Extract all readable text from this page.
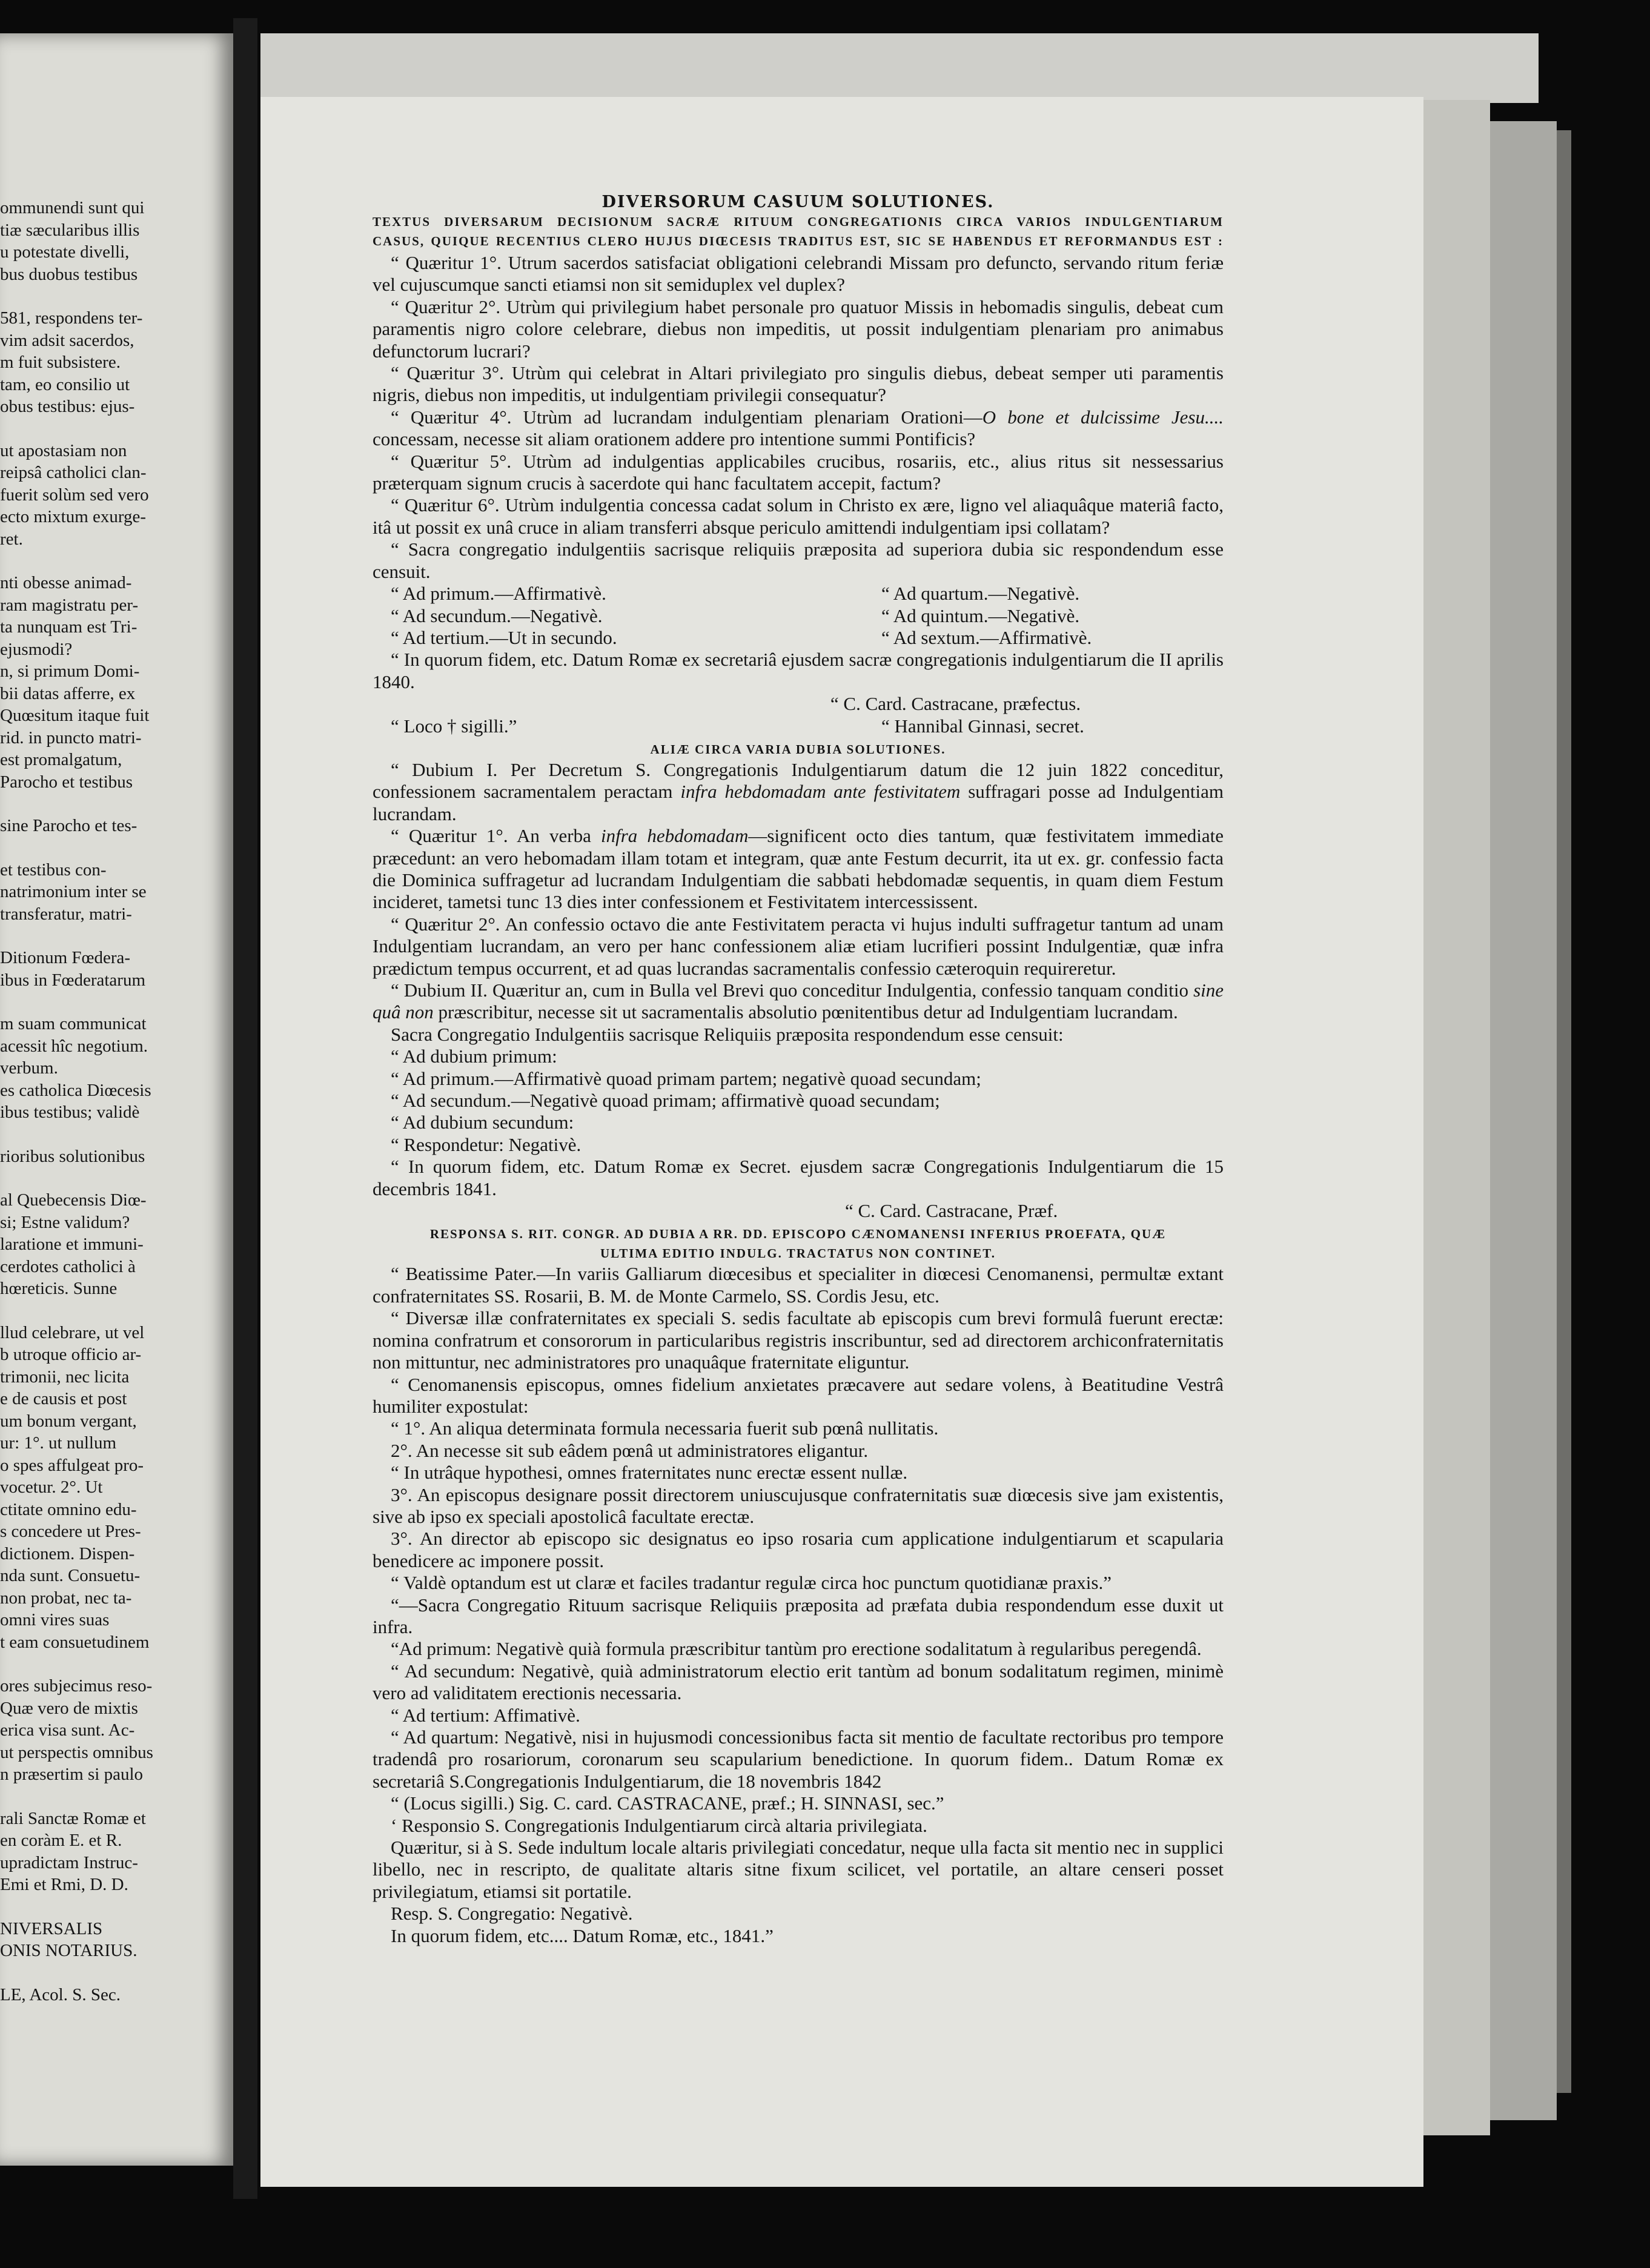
ommunendi sunt qui
tiæ sæcularibus illis
u potestate divelli,
bus duobus testibus
581, respondens ter-
vim adsit sacerdos,
m fuit subsistere.
tam, eo consilio ut
obus testibus: ejus-
ut apostasiam non
reipsâ catholici clan-
fuerit solùm sed vero
ecto mixtum exurge-
ret.
nti obesse animad-
ram magistratu per-
ta nunquam est Tri-
ejusmodi?
n, si primum Domi-
bii datas afferre, ex
Quœsitum itaque fuit
rid. in puncto matri-
est promalgatum,
Parocho et testibus
sine Parocho et tes-
et testibus con-
natrimonium inter se
transferatur, matri-
Ditionum Fœdera-
ibus in Fœderatarum
m suam communicat
acessit hîc negotium.
verbum.
es catholica Diœcesis
ibus testibus; validè
rioribus solutionibus
al Quebecensis Diœ-
si; Estne validum?
laratione et immuni-
cerdotes catholici à
hœreticis. Sunne
llud celebrare, ut vel
b utroque officio ar-
trimonii, nec licita
e de causis et post
um bonum vergant,
ur: 1°. ut nullum
o spes affulgeat pro-
vocetur. 2°. Ut
ctitate omnino edu-
s concedere ut Pres-
dictionem. Dispen-
nda sunt. Consuetu-
non probat, nec ta-
omni vires suas
t eam consuetudinem
ores subjecimus reso-
Quæ vero de mixtis
erica visa sunt. Ac-
ut perspectis omnibus
n præsertim si paulo
rali Sanctæ Romæ et
en coràm E. et R.
upradictam Instruc-
Emi et Rmi, D. D.
NIVERSALIS
ONIS NOTARIUS.
LE, Acol. S. Sec.
DIVERSORUM CASUUM SOLUTIONES.
TEXTUS DIVERSARUM DECISIONUM SACRÆ RITUUM CONGREGATIONIS CIRCA VARIOS INDULGENTIARUM
CASUS, QUIQUE RECENTIUS CLERO HUJUS DIŒCESIS TRADITUS EST, SIC SE HABENDUS ET REFORMANDUS EST :
“ Quæritur 1°. Utrum sacerdos satisfaciat obligationi celebrandi Missam pro defuncto, servando ritum feriæ vel cujuscumque sancti etiamsi non sit semiduplex vel duplex?
“ Quæritur 2°. Utrùm qui privilegium habet personale pro quatuor Missis in hebomadis singulis, debeat cum paramentis nigro colore celebrare, diebus non impeditis, ut possit indulgentiam plenariam pro animabus defunctorum lucrari?
“ Quæritur 3°. Utrùm qui celebrat in Altari privilegiato pro singulis diebus, debeat semper uti paramentis nigris, diebus non impeditis, ut indulgentiam privilegii consequatur?
“ Quæritur 4°. Utrùm ad lucrandam indulgentiam plenariam Orationi—O bone et dulcissime Jesu.... concessam, necesse sit aliam orationem addere pro intentione summi Pontificis?
“ Quæritur 5°. Utrùm ad indulgentias applicabiles crucibus, rosariis, etc., alius ritus sit nessessarius præterquam signum crucis à sacerdote qui hanc facultatem accepit, factum?
“ Quæritur 6°. Utrùm indulgentia concessa cadat solum in Christo ex ære, ligno vel aliaquâque materiâ facto, itâ ut possit ex unâ cruce in aliam transferri absque periculo amittendi indulgentiam ipsi collatam?
“ Sacra congregatio indulgentiis sacrisque reliquiis præposita ad superiora dubia sic respondendum esse censuit.
“ Ad primum.—Affirmativè.	“ Ad quartum.—Negativè.
“ Ad secundum.—Negativè.	“ Ad quintum.—Negativè.
“ Ad tertium.—Ut in secundo.	“ Ad sextum.—Affirmativè.
“ In quorum fidem, etc. Datum Romæ ex secretariâ ejusdem sacræ congregationis indulgentiarum die II aprilis 1840.
“ C. Card. Castracane, præfectus.
“ Loco † sigilli.”	“ Hannibal Ginnasi, secret.
ALIÆ CIRCA VARIA DUBIA SOLUTIONES.
“ Dubium I. Per Decretum S. Congregationis Indulgentiarum datum die 12 juin 1822 conceditur, confessionem sacramentalem peractam infra hebdomadam ante festivitatem suffragari posse ad Indulgentiam lucrandam.
“ Quæritur 1°. An verba infra hebdomadam—significent octo dies tantum, quæ festivitatem immediate præcedunt: an vero hebomadam illam totam et integram, quæ ante Festum decurrit, ita ut ex. gr. confessio facta die Dominica suffragetur ad lucrandam Indulgentiam die sabbati hebdomadæ sequentis, in quam diem Festum incideret, tametsi tunc 13 dies inter confessionem et Festivitatem intercessissent.
“ Quæritur 2°. An confessio octavo die ante Festivitatem peracta vi hujus indulti suffragetur tantum ad unam Indulgentiam lucrandam, an vero per hanc confessionem aliæ etiam lucrifieri possint Indulgentiæ, quæ infra prædictum tempus occurrent, et ad quas lucrandas sacramentalis confessio cæteroquin requireretur.
“ Dubium II. Quæritur an, cum in Bulla vel Brevi quo conceditur Indulgentia, confessio tanquam conditio sine quâ non præscribitur, necesse sit ut sacramentalis absolutio pœnitentibus detur ad Indulgentiam lucrandam.
Sacra Congregatio Indulgentiis sacrisque Reliquiis præposita respondendum esse censuit:
“ Ad dubium primum:
“ Ad primum.—Affirmativè quoad primam partem; negativè quoad secundam;
“ Ad secundum.—Negativè quoad primam; affirmativè quoad secundam;
“ Ad dubium secundum:
“ Respondetur: Negativè.
“ In quorum fidem, etc. Datum Romæ ex Secret. ejusdem sacræ Congregationis Indulgentiarum die 15 decembris 1841.
“ C. Card. Castracane, Præf.
RESPONSA S. RIT. CONGR. AD DUBIA A RR. DD. EPISCOPO CÆNOMANENSI INFERIUS PROEFATA, QUÆ
ULTIMA EDITIO INDULG. TRACTATUS NON CONTINET.
“ Beatissime Pater.—In variis Galliarum diœcesibus et specialiter in diœcesi Cenomanensi, permultæ extant confraternitates SS. Rosarii, B. M. de Monte Carmelo, SS. Cordis Jesu, etc.
“ Diversæ illæ confraternitates ex speciali S. sedis facultate ab episcopis cum brevi formulâ fuerunt erectæ: nomina confratrum et consororum in particularibus registris inscribuntur, sed ad directorem archiconfraternitatis non mittuntur, nec administratores pro unaquâque fraternitate eliguntur.
“ Cenomanensis episcopus, omnes fidelium anxietates præcavere aut sedare volens, à Beatitudine Vestrâ humiliter expostulat:
“ 1°. An aliqua determinata formula necessaria fuerit sub pœnâ nullitatis.
2°. An necesse sit sub eâdem pœnâ ut administratores eligantur.
“ In utrâque hypothesi, omnes fraternitates nunc erectæ essent nullæ.
3°. An episcopus designare possit directorem uniuscujusque confraternitatis suæ diœcesis sive jam existentis, sive ab ipso ex speciali apostolicâ facultate erectæ.
3°. An director ab episcopo sic designatus eo ipso rosaria cum applicatione indulgentiarum et scapularia benedicere ac imponere possit.
“ Valdè optandum est ut claræ et faciles tradantur regulæ circa hoc punctum quotidianæ praxis.”
“—Sacra Congregatio Rituum sacrisque Reliquiis præposita ad præfata dubia respondendum esse duxit ut infra.
“Ad primum: Negativè quià formula præscribitur tantùm pro erectione sodalitatum à regularibus peregendâ.
“ Ad secundum: Negativè, quià administratorum electio erit tantùm ad bonum sodalitatum regimen, minimè vero ad validitatem erectionis necessaria.
“ Ad tertium: Affimativè.
“ Ad quartum: Negativè, nisi in hujusmodi concessionibus facta sit mentio de facultate rectoribus pro tempore tradendâ pro rosariorum, coronarum seu scapularium benedictione. In quorum fidem.. Datum Romæ ex secretariâ S.Congregationis Indulgentiarum, die 18 novembris 1842
“ (Locus sigilli.) Sig. C. card. CASTRACANE, præf.; H. SINNASI, sec.”
‘ Responsio S. Congregationis Indulgentiarum circà altaria privilegiata.
Quæritur, si à S. Sede indultum locale altaris privilegiati concedatur, neque ulla facta sit mentio nec in supplici libello, nec in rescripto, de qualitate altaris sitne fixum scilicet, vel portatile, an altare censeri posset privilegiatum, etiamsi sit portatile.
Resp. S. Congregatio: Negativè.
In quorum fidem, etc.... Datum Romæ, etc., 1841.”
